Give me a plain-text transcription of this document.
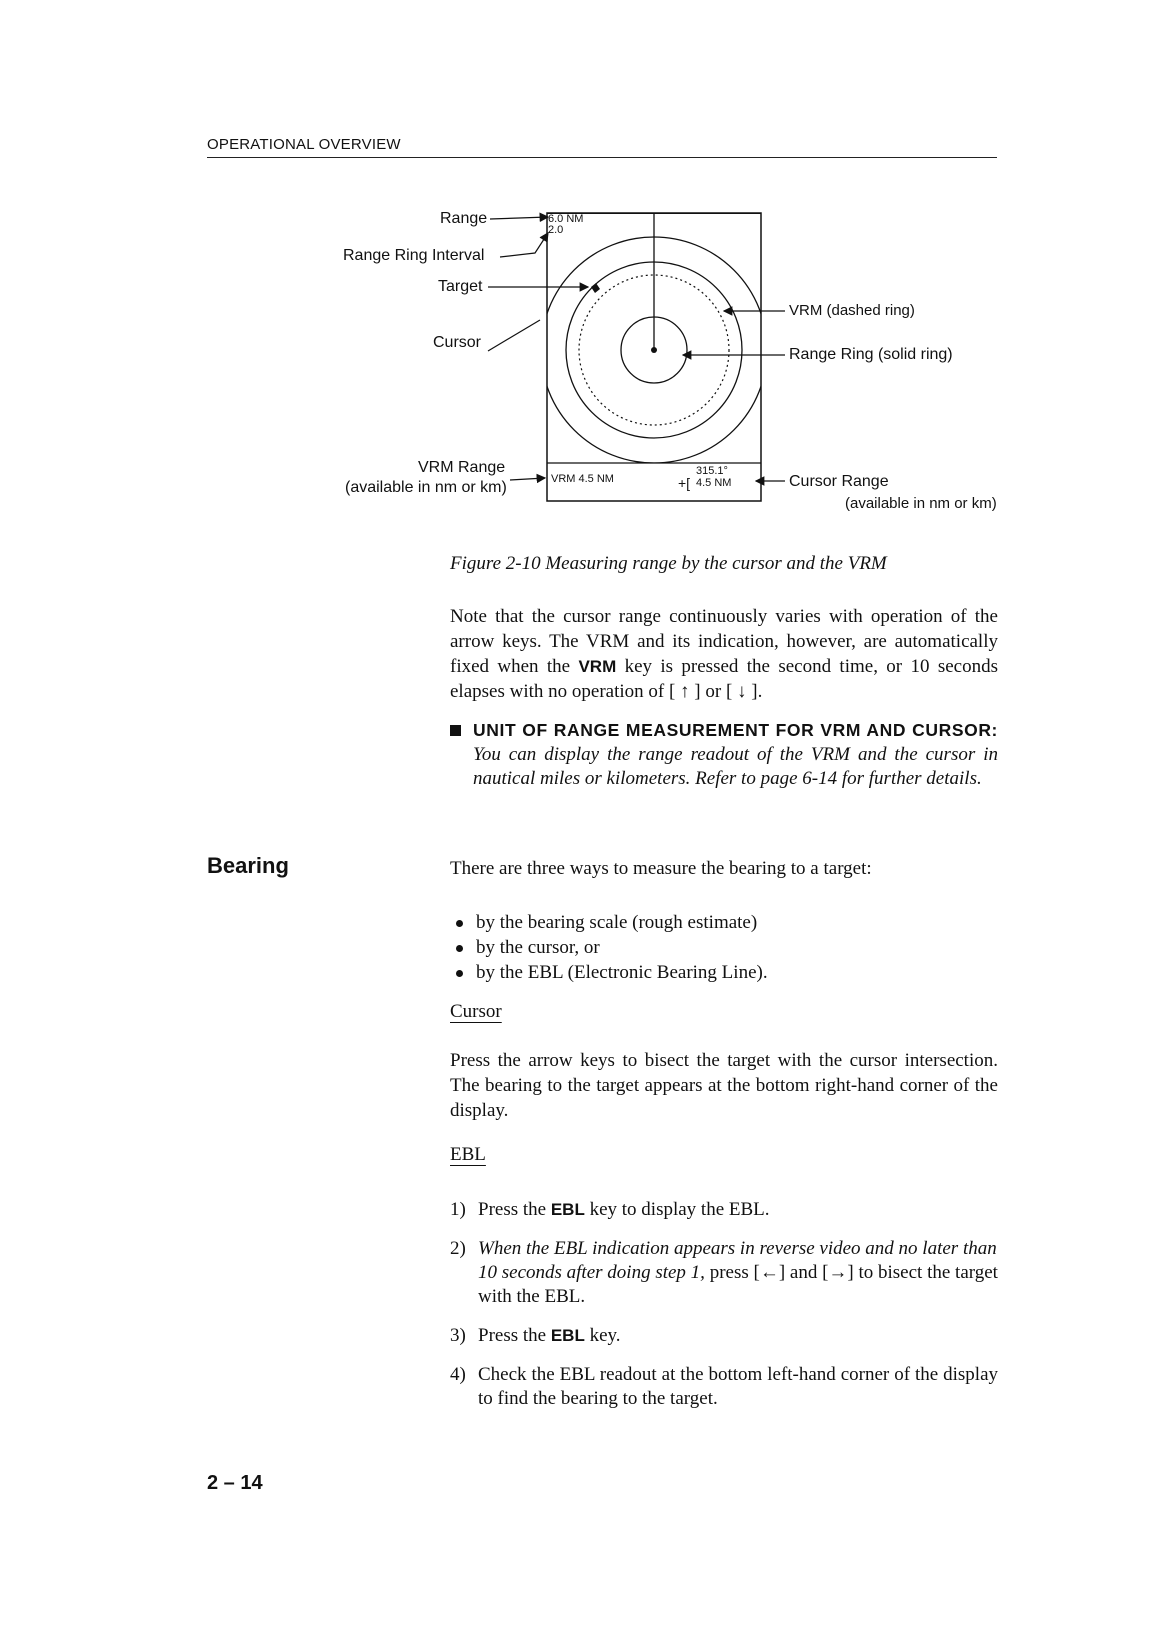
OPERATIONAL OVERVIEW
6.0 NM
2.0
VRM 4.5 NM	+[
315.1°
4.5 NM
Range
Range Ring Interval
Target
Cursor
VRM Range
(available in nm or km)
VRM (dashed ring)
Range Ring (solid ring)
Cursor Range
(available in nm or km)
Figure 2-10 Measuring range by the cursor and the VRM

Note that the cursor range continuously varies with operation of the arrow keys. The VRM and its indication, however, are automatically fixed when the VRM key is pressed the second time, or 10 seconds elapses with no operation of [ ↑ ] or [ ↓ ].

UNIT OF RANGE MEASUREMENT FOR VRM AND CURSOR: You can display the range readout of the VRM and the cursor in nautical miles or kilometers. Refer to page 6-14 for further details.
Bearing	There are three ways to measure the bearing to a target:

by the bearing scale (rough estimate)
by the cursor, or
by the EBL (Electronic Bearing Line).
Cursor

Press the arrow keys to bisect the target with the cursor intersection. The bearing to the target appears at the bottom right-hand corner of the display.

EBL
1) Press the EBL key to display the EBL.
2) When the EBL indication appears in reverse video and no later than 10 seconds after doing step 1, press [←] and [→] to bisect the target with the EBL.
3) Press the EBL key.
4) Check the EBL readout at the bottom left-hand corner of the display to find the bearing to the target.
2 – 14
